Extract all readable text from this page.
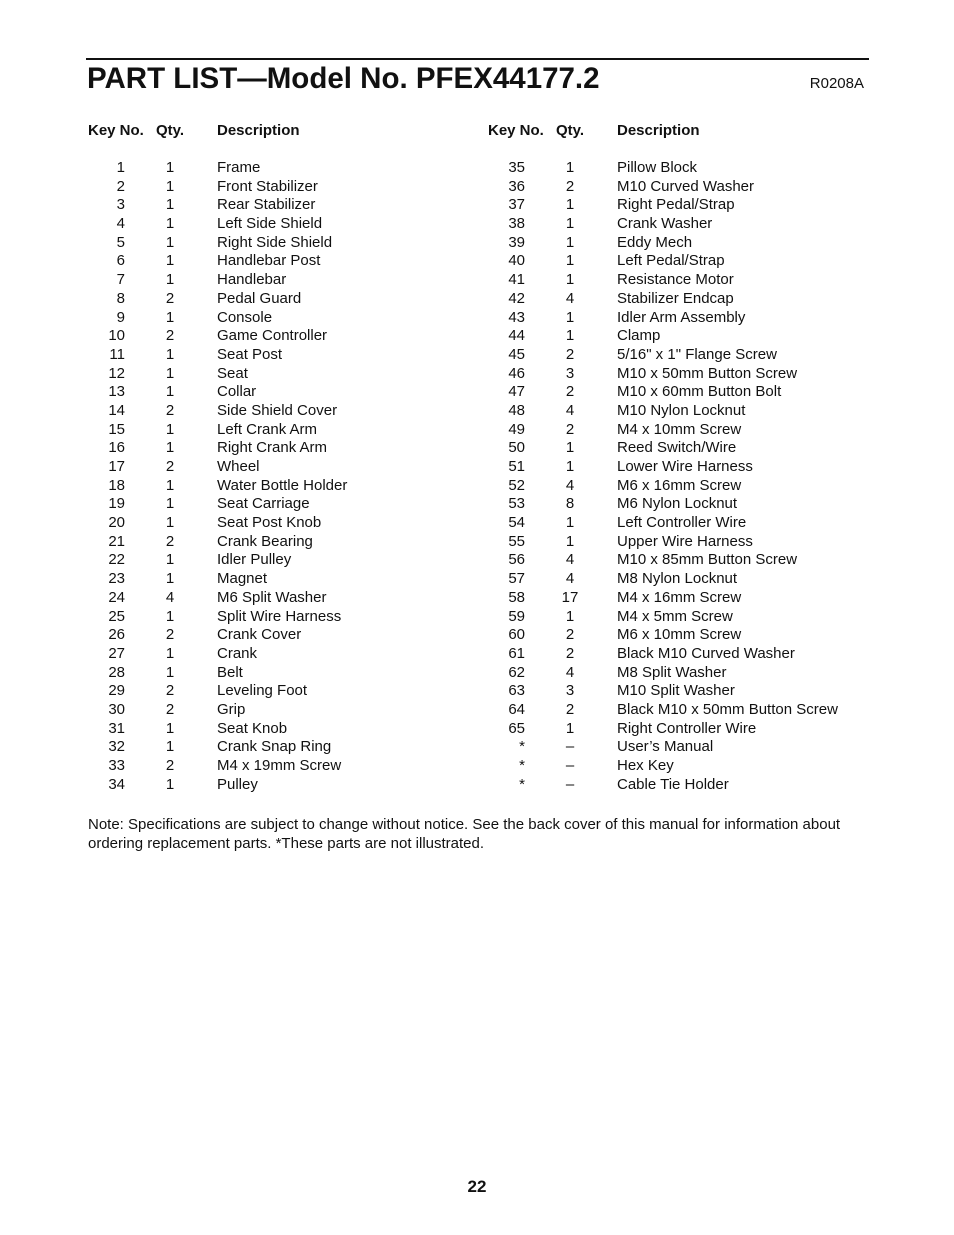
PART LIST—Model No. PFEX44177.2	R0208A
Key No. Qty. Description
1	1	Frame
2	1	Front Stabilizer
3	1	Rear Stabilizer
4	1	Left Side Shield
5	1	Right Side Shield
6	1	Handlebar Post
7	1	Handlebar
8	2	Pedal Guard
9	1	Console
10	2	Game Controller
11	1	Seat Post
12	1	Seat
13	1	Collar
14	2	Side Shield Cover
15	1	Left Crank Arm
16	1	Right Crank Arm
17	2	Wheel
18	1	Water Bottle Holder
19	1	Seat Carriage
20	1	Seat Post Knob
21	2	Crank Bearing
22	1	Idler Pulley
23	1	Magnet
24	4	M6 Split Washer
25	1	Split Wire Harness
26	2	Crank Cover
27	1	Crank
28	1	Belt
29	2	Leveling Foot
30	2	Grip
31	1	Seat Knob
32	1	Crank Snap Ring
33	2	M4 x 19mm Screw
34	1	Pulley
Key No. Qty. Description
35	1	Pillow Block
36	2	M10 Curved Washer
37	1	Right Pedal/Strap
38	1	Crank Washer
39	1	Eddy Mech
40	1	Left Pedal/Strap
41	1	Resistance Motor
42	4	Stabilizer Endcap
43	1	Idler Arm Assembly
44	1	Clamp
45	2	5/16" x 1" Flange Screw
46	3	M10 x 50mm Button Screw
47	2	M10 x 60mm Button Bolt
48	4	M10 Nylon Locknut
49	2	M4 x 10mm Screw
50	1	Reed Switch/Wire
51	1	Lower Wire Harness
52	4	M6 x 16mm Screw
53	8	M6 Nylon Locknut
54	1	Left Controller Wire
55	1	Upper Wire Harness
56	4	M10 x 85mm Button Screw
57	4	M8 Nylon Locknut
58	17	M4 x 16mm Screw
59	1	M4 x 5mm Screw
60	2	M6 x 10mm Screw
61	2	Black M10 Curved Washer
62	4	M8 Split Washer
63	3	M10 Split Washer
64	2	Black M10 x 50mm Button Screw
65	1	Right Controller Wire
*	–	User’s Manual
*	–	Hex Key
*	–	Cable Tie Holder
Note: Specifications are subject to change without notice. See the back cover of this manual for information about ordering replacement parts. *These parts are not illustrated.
22
